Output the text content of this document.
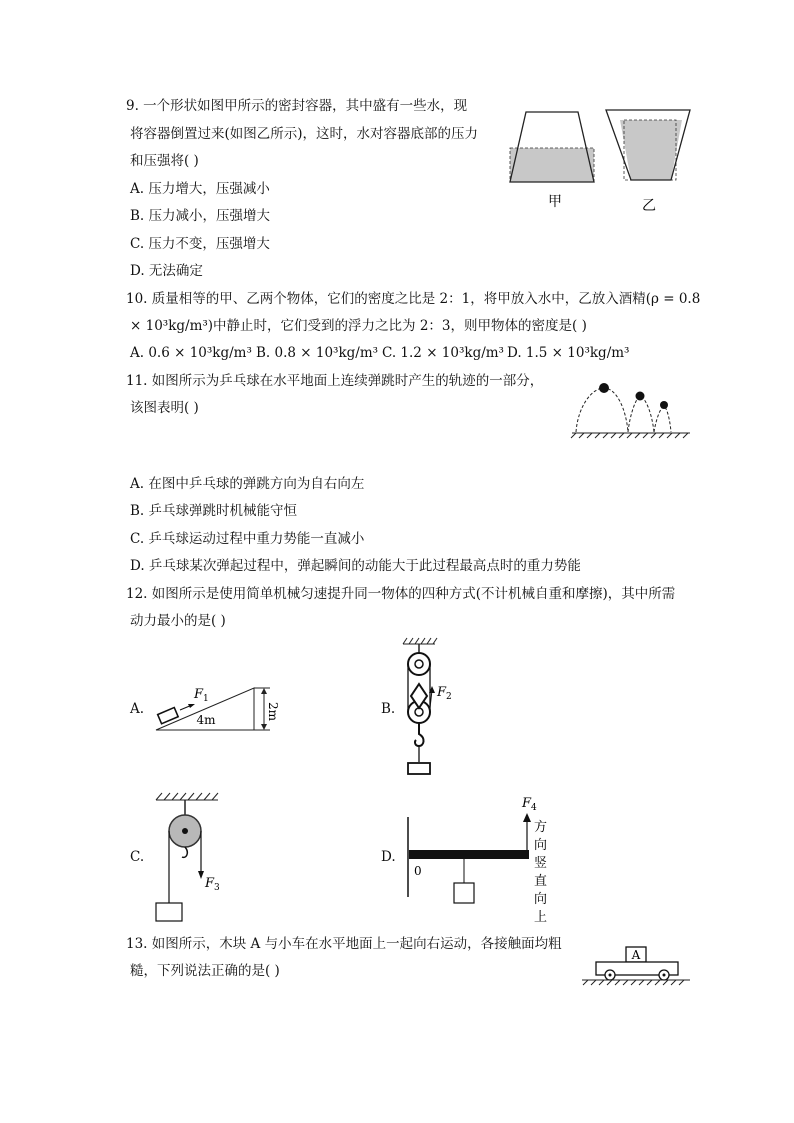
9. 一个形状如图甲所示的密封容器，其中盛有一些水，现
将容器倒置过来(如图乙所示)，这时，水对容器底部的压力
和压强将( )
A. 压力增大，压强减小
B. 压力减小，压强增大
C. 压力不变，压强增大
D. 无法确定
甲	乙
10. 质量相等的甲、乙两个物体，它们的密度之比是 2：1，将甲放入水中，乙放入酒精(ρ = 0.8
× 10³kg/m³)中静止时，它们受到的浮力之比为 2：3，则甲物体的密度是( )
A. 0.6 × 10³kg/m³ B. 0.8 × 10³kg/m³ C. 1.2 × 10³kg/m³ D. 1.5 × 10³kg/m³
11. 如图所示为乒乓球在水平地面上连续弹跳时产生的轨迹的一部分，
该图表明( )
A. 在图中乒乓球的弹跳方向为自右向左
B. 乒乓球弹跳时机械能守恒
C. 乒乓球运动过程中重力势能一直减小
D. 乒乓球某次弹起过程中，弹起瞬间的动能大于此过程最高点时的重力势能
12. 如图所示是使用简单机械匀速提升同一物体的四种方式(不计机械自重和摩擦)，其中所需
动力最小的是( )
A.
$F_1$
4m	2m	B.
$F_2$
C.
$F_3$
D.
0
$F_4$
方
向
竖
直
向
上
13. 如图所示，木块 A 与小车在水平地面上一起向右运动，各接触面均粗
糙，下列说法正确的是( )
A
